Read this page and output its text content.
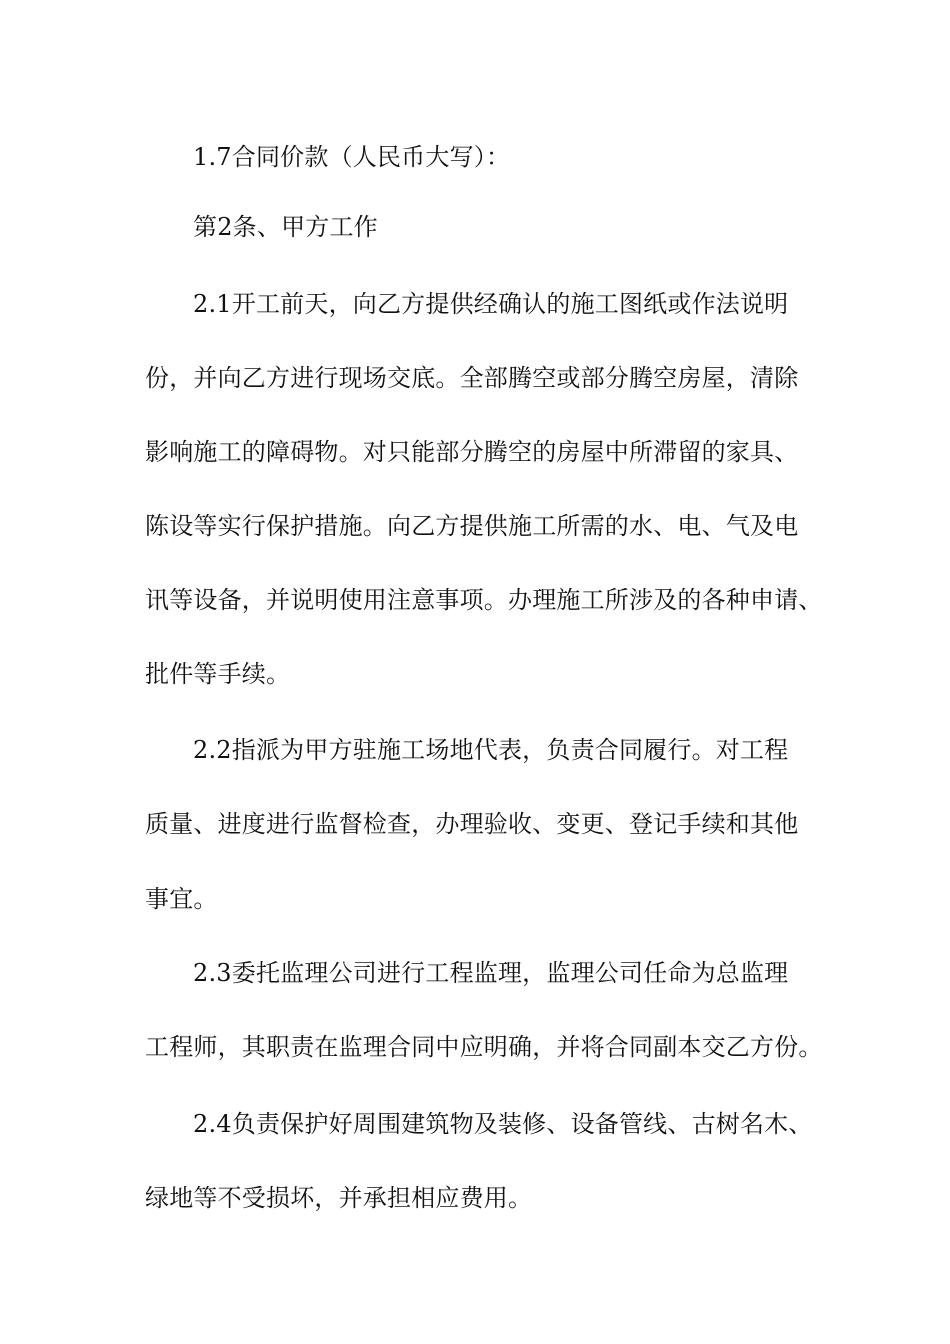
1.7合同价款（人民币大写）：
第2条、甲方工作
2.1开工前天，向乙方提供经确认的施工图纸或作法说明
份，并向乙方进行现场交底。全部腾空或部分腾空房屋，清除
影响施工的障碍物。对只能部分腾空的房屋中所滞留的家具、
陈设等实行保护措施。向乙方提供施工所需的水、电、气及电
讯等设备，并说明使用注意事项。办理施工所涉及的各种申请、
批件等手续。
2.2指派为甲方驻施工场地代表，负责合同履行。对工程
质量、进度进行监督检查，办理验收、变更、登记手续和其他
事宜。
2.3委托监理公司进行工程监理，监理公司任命为总监理
工程师，其职责在监理合同中应明确，并将合同副本交乙方份。
2.4负责保护好周围建筑物及装修、设备管线、古树名木、
绿地等不受损坏，并承担相应费用。
